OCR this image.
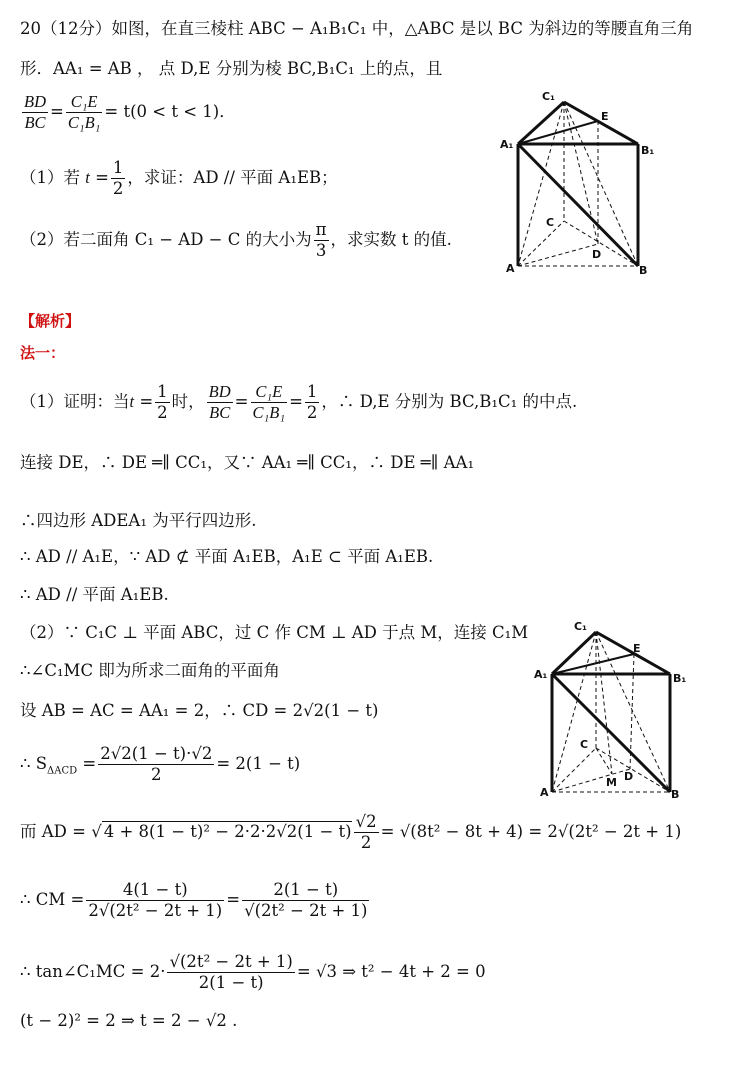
20（12分）如图，在直三棱柱 ABC − A₁B₁C₁ 中，△ABC 是以 BC 为斜边的等腰直角三角
形．AA₁ = AB ， 点 D,E 分别为棱 BC,B₁C₁ 上的点，且
$\frac{BD}{BC} = \frac{\text{C₁E}}{\text{C₁B₁}} = t(0 < t < 1)$．
（1）若 $t = \frac{1}{2}$ ，求证：AD // 平面 A₁EB；
（2）若二面角 C₁ − AD − C 的大小为 $\frac{\pi}{3}$ ，求实数 t 的值.
C₁
E
A₁	B₁
C
D
A	B
【解析】
法一：
（1）证明：当$t = \frac{1}{2}$ 时， $\frac{BD}{BC} = \frac{\text{C₁E}}{\text{C₁B₁}} = \frac{1}{2}$ ，∴ D,E 分别为 BC,B₁C₁ 的中点.
连接 DE，∴ DE ═∥ CC₁，又∵ AA₁ ═∥ CC₁，∴ DE ═∥ AA₁
∴四边形 ADEA₁ 为平行四边形.
∴ AD // A₁E，∵ AD ⊄ 平面 A₁EB，A₁E ⊂ 平面 A₁EB.
∴ AD // 平面 A₁EB.
（2）∵ C₁C ⊥ 平面 ABC，过 C 作 CM ⊥ AD 于点 M，连接 C₁M
∴∠C₁MC 即为所求二面角的平面角
设 AB = AC = AA₁ = 2，∴ CD = 2√2(1 − t)
∴ $S_{\Delta ACD} = \frac{2√2(1 - t)\cdot√2}{2} = 2(1 - t)$
而 AD = √ $4 + 8(1 - t)^2 - 2\cdot 2\cdot 2√2(1 - t) \frac{√2}{2} = √(8t^2 - 8t + 4) = 2√(2t^2 - 2t + 1)$
∴ CM = $\frac{4(1 - t)}{\text{2√(2t² − 2t + 1)}} = \frac{2(1 - t)}{\text{√(2t² − 2t + 1)}}$
∴ tan∠C₁MC = $2\cdot \frac{\text{√(2t² − 2t + 1)}}{2(1 - t)} = √3$ ⇒ t² − 4t + 2 = 0
(t − 2)² = 2 ⇒ t = 2 − √2 .
C₁
E
A₁	B₁
C
M D
A	B
